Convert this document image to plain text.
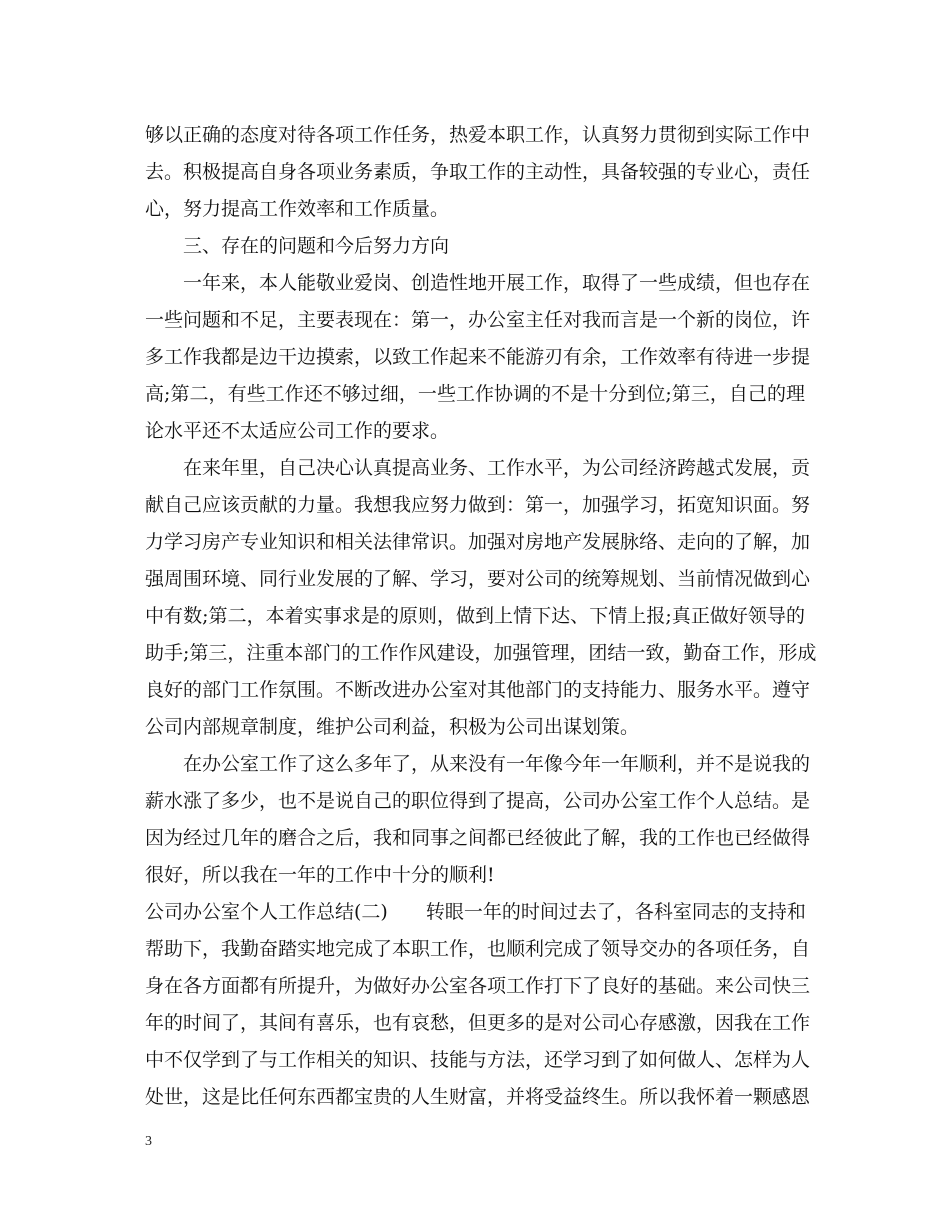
够以正确的态度对待各项工作任务，热爱本职工作，认真努力贯彻到实际工作中
去。积极提高自身各项业务素质，争取工作的主动性，具备较强的专业心，责任
心，努力提高工作效率和工作质量。
三、存在的问题和今后努力方向
一年来，本人能敬业爱岗、创造性地开展工作，取得了一些成绩，但也存在
一些问题和不足，主要表现在：第一，办公室主任对我而言是一个新的岗位，许
多工作我都是边干边摸索，以致工作起来不能游刃有余，工作效率有待进一步提
高;第二，有些工作还不够过细，一些工作协调的不是十分到位;第三，自己的理
论水平还不太适应公司工作的要求。
在来年里，自己决心认真提高业务、工作水平，为公司经济跨越式发展，贡
献自己应该贡献的力量。我想我应努力做到：第一，加强学习，拓宽知识面。努
力学习房产专业知识和相关法律常识。加强对房地产发展脉络、走向的了解，加
强周围环境、同行业发展的了解、学习，要对公司的统筹规划、当前情况做到心
中有数;第二，本着实事求是的原则，做到上情下达、下情上报;真正做好领导的
助手;第三，注重本部门的工作作风建设，加强管理，团结一致，勤奋工作，形成
良好的部门工作氛围。不断改进办公室对其他部门的支持能力、服务水平。遵守
公司内部规章制度，维护公司利益，积极为公司出谋划策。
在办公室工作了这么多年了，从来没有一年像今年一年顺利，并不是说我的
薪水涨了多少，也不是说自己的职位得到了提高，公司办公室工作个人总结。是
因为经过几年的磨合之后，我和同事之间都已经彼此了解，我的工作也已经做得
很好，所以我在一年的工作中十分的顺利!
公司办公室个人工作总结(二)　　转眼一年的时间过去了，各科室同志的支持和
帮助下，我勤奋踏实地完成了本职工作，也顺利完成了领导交办的各项任务，自
身在各方面都有所提升，为做好办公室各项工作打下了良好的基础。来公司快三
年的时间了，其间有喜乐，也有哀愁，但更多的是对公司心存感激，因我在工作
中不仅学到了与工作相关的知识、技能与方法，还学习到了如何做人、怎样为人
处世，这是比任何东西都宝贵的人生财富，并将受益终生。所以我怀着一颗感恩
3
